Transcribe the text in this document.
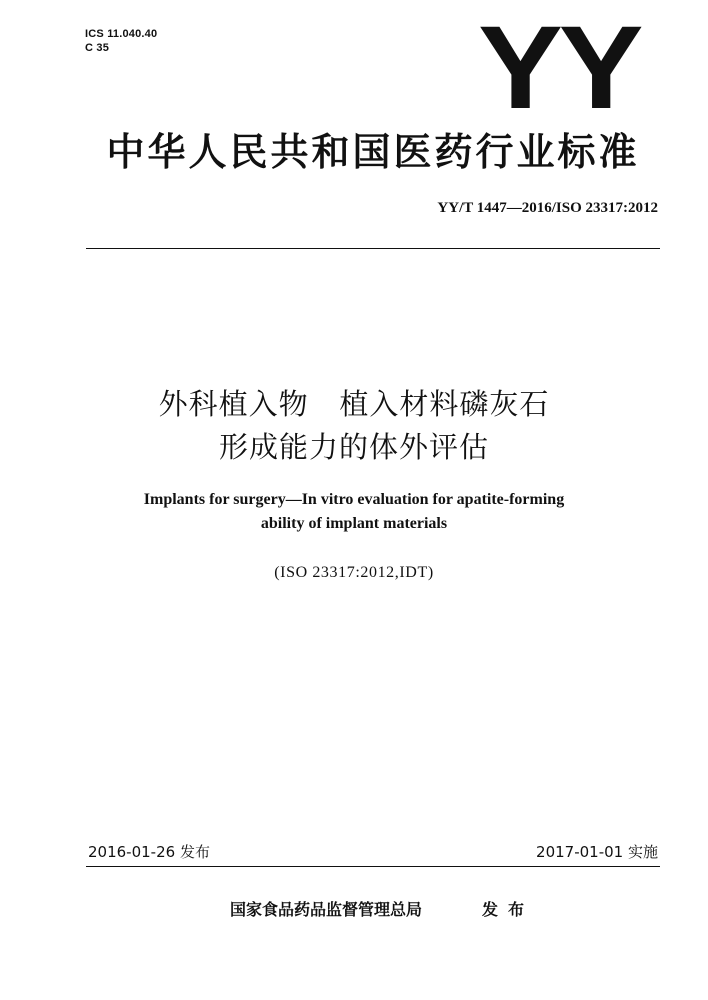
ICS 11.040.40
C 35	YY
中华人民共和国医药行业标准
YY/T 1447—2016/ISO 23317:2012
外科植入物   植入材料磷灰石
形成能力的体外评估
Implants for surgery—In vitro evaluation for apatite-forming
ability of implant materials
(ISO 23317:2012,IDT)
2016-01-26 发布	2017-01-01 实施
国家食品药品监督管理总局	发布
